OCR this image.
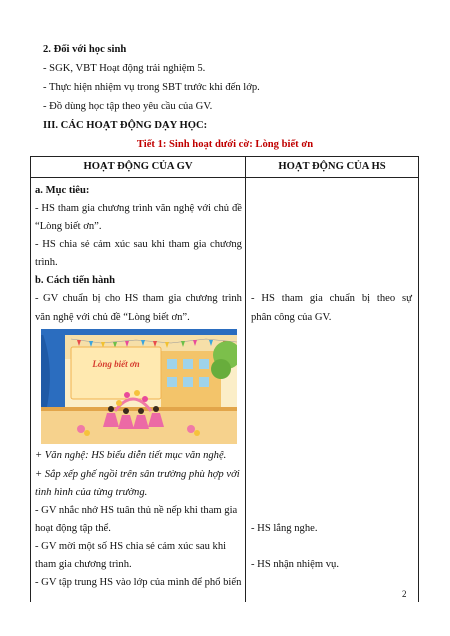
2. Đối với học sinh
- SGK, VBT Hoạt động trải nghiệm 5.
- Thực hiện nhiệm vụ trong SBT trước khi đến lớp.
- Đồ dùng học tập theo yêu cầu của GV.
III. CÁC HOẠT ĐỘNG DẠY HỌC:
Tiết 1: Sinh hoạt dưới cờ: Lòng biết ơn
HOẠT ĐỘNG CỦA GV	HOẠT ĐỘNG CỦA HS
a. Mục tiêu:
- HS tham gia chương trình văn nghệ với chủ đề
“Lòng biết ơn”.
- HS chia sẻ cảm xúc sau khi tham gia chương
trình.
b. Cách tiến hành
- GV chuẩn bị cho HS tham gia chương trình
văn nghệ với chủ đề “Lòng biết ơn”.
Lòng biết ơn
+ Văn nghệ: HS biểu diễn tiết mục văn nghệ.
+ Sắp xếp ghế ngồi trên sân trường phù hợp với
tình hình của từng trường.
- GV nhắc nhở HS tuân thủ nề nếp khi tham gia
hoạt động tập thể.
- GV mời một số HS chia sẻ cảm xúc sau khi
tham gia chương trình.
- GV tập trung HS vào lớp của mình để phổ biến
- HS tham gia chuẩn bị theo sự
phân công của GV.
- HS lắng nghe.
- HS nhận nhiệm vụ.
2
